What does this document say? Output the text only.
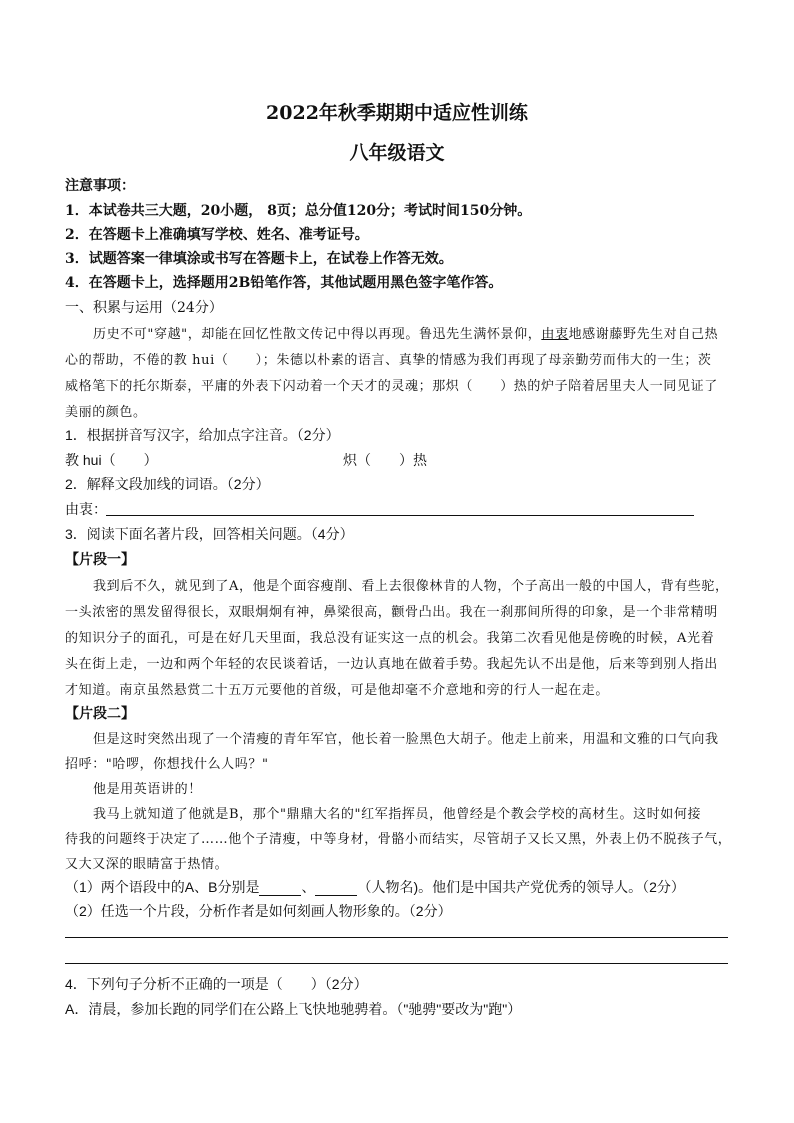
2022年秋季期期中适应性训练
八年级语文
注意事项：
1．本试卷共三大题，20小题， 8页；总分值120分；考试时间150分钟。
2．在答题卡上准确填写学校、姓名、准考证号。
3．试题答案一律填涂或书写在答题卡上，在试卷上作答无效。
4．在答题卡上，选择题用2B铅笔作答，其他试题用黑色签字笔作答。
一、积累与运用（24分）
历史不可"穿越"，却能在回忆性散文传记中得以再现。鲁迅先生满怀景仰，由衷地感谢藤野先生对自己热
心的帮助，不倦的教 hui（　　）；朱德以朴素的语言、真挚的情感为我们再现了母亲勤劳而伟大的一生；茨
威格笔下的托尔斯泰，平庸的外表下闪动着一个天才的灵魂；那炽（　　）热的炉子陪着居里夫人一同见证了
美丽的颜色。
1．根据拼音写汉字，给加点字注音。（2分）
教 hui（　　）	炽（　　）热
2．解释文段加线的词语。（2分）
由衷：
3．阅读下面名著片段，回答相关问题。（4分）
【片段一】
我到后不久，就见到了A，他是个面容瘦削、看上去很像林肯的人物，个子高出一般的中国人，背有些驼，
一头浓密的黑发留得很长，双眼炯炯有神，鼻梁很高，颧骨凸出。我在一刹那间所得的印象，是一个非常精明
的知识分子的面孔，可是在好几天里面，我总没有证实这一点的机会。我第二次看见他是傍晚的时候，A光着
头在街上走，一边和两个年轻的农民谈着话，一边认真地在做着手势。我起先认不出是他，后来等到别人指出
才知道。南京虽然悬赏二十五万元要他的首级，可是他却毫不介意地和旁的行人一起在走。
【片段二】
但是这时突然出现了一个清瘦的青年军官，他长着一脸黑色大胡子。他走上前来，用温和文雅的口气向我
招呼："哈啰，你想找什么人吗？"
他是用英语讲的！
我马上就知道了他就是B，那个"鼎鼎大名的"红军指挥员，他曾经是个教会学校的高材生。这时如何接
待我的问题终于决定了……他个子清瘦，中等身材，骨骼小而结实，尽管胡子又长又黑，外表上仍不脱孩子气，
又大又深的眼睛富于热情。
（1）两个语段中的A、B分别是	、	（人物名)。他们是中国共产党优秀的领导人。（2分）
（2）任选一个片段，分析作者是如何刻画人物形象的。（2分）
4．下列句子分析不正确的一项是（　　）（2分）
A．清晨，参加长跑的同学们在公路上飞快地驰骋着。（"驰骋"要改为"跑"）
